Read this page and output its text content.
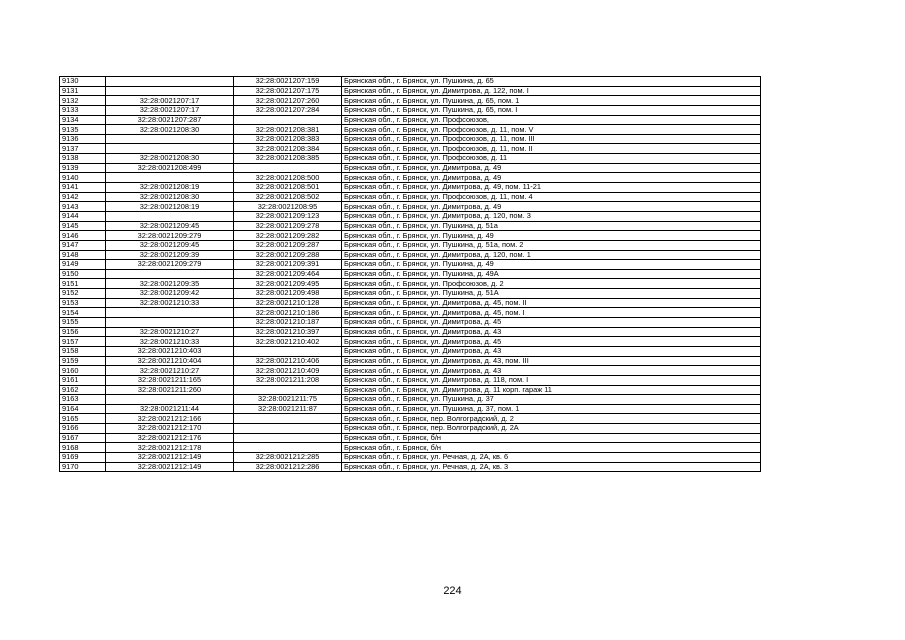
9130		32:28:0021207:159	Брянская обл., г. Брянск, ул. Пушкина, д. 65
9131		32:28:0021207:175	Брянская обл., г. Брянск, ул. Димитрова, д. 122, пом. I
9132	32:28:0021207:17	32:28:0021207:260	Брянская обл., г. Брянск, ул. Пушкина, д. 65, пом. 1
9133	32:28:0021207:17	32:28:0021207:284	Брянская обл., г. Брянск, ул. Пушкина, д. 65, пом. I
9134	32:28:0021207:287		Брянская обл., г. Брянск, ул. Профсоюзов,
9135	32:28:0021208:30	32:28:0021208:381	Брянская обл., г. Брянск, ул. Профсоюзов, д. 11, пом. V
9136		32:28:0021208:383	Брянская обл., г. Брянск, ул. Профсоюзов, д. 11, пом. III
9137		32:28:0021208:384	Брянская обл., г. Брянск, ул. Профсоюзов, д. 11, пом. II
9138	32:28:0021208:30	32:28:0021208:385	Брянская обл., г. Брянск, ул. Профсоюзов, д. 11
9139	32:28:0021208:499		Брянская обл., г. Брянск, ул. Димитрова, д. 49
9140		32:28:0021208:500	Брянская обл., г. Брянск, ул. Димитрова, д. 49
9141	32:28:0021208:19	32:28:0021208:501	Брянская обл., г. Брянск, ул. Димитрова, д. 49, пом. 11-21
9142	32:28:0021208:30	32:28:0021208:502	Брянская обл., г. Брянск, ул. Профсоюзов, д. 11, пом. 4
9143	32:28:0021208:19	32:28:0021208:95	Брянская обл., г. Брянск, ул. Димитрова, д. 49
9144		32:28:0021209:123	Брянская обл., г. Брянск, ул. Димитрова, д. 120, пом. 3
9145	32:28:0021209:45	32:28:0021209:278	Брянская обл., г. Брянск, ул. Пушкина, д. 51а
9146	32:28:0021209:279	32:28:0021209:282	Брянская обл., г. Брянск, ул. Пушкина, д. 49
9147	32:28:0021209:45	32:28:0021209:287	Брянская обл., г. Брянск, ул. Пушкина, д. 51а, пом. 2
9148	32:28:0021209:39	32:28:0021209:288	Брянская обл., г. Брянск, ул. Димитрова, д. 120, пом. 1
9149	32:28:0021209:279	32:28:0021209:391	Брянская обл., г. Брянск, ул. Пушкина, д. 49
9150		32:28:0021209:464	Брянская обл., г. Брянск, ул. Пушкина, д. 49А
9151	32:28:0021209:35	32:28:0021209:495	Брянская обл., г. Брянск, ул. Профсоюзов, д. 2
9152	32:28:0021209:42	32:28:0021209:498	Брянская обл., г. Брянск, ул. Пушкина, д. 51А
9153	32:28:0021210:33	32:28:0021210:128	Брянская обл., г. Брянск, ул. Димитрова, д. 45, пом. II
9154		32:28:0021210:186	Брянская обл., г. Брянск, ул. Димитрова, д. 45, пом. I
9155		32:28:0021210:187	Брянская обл., г. Брянск, ул. Димитрова, д. 45
9156	32:28:0021210:27	32:28:0021210:397	Брянская обл., г. Брянск, ул. Димитрова, д. 43
9157	32:28:0021210:33	32:28:0021210:402	Брянская обл., г. Брянск, ул. Димитрова, д. 45
9158	32:28:0021210:403		Брянская обл., г. Брянск, ул. Димитрова, д. 43
9159	32:28:0021210:404	32:28:0021210:406	Брянская обл., г. Брянск, ул. Димитрова, д. 43, пом. III
9160	32:28:0021210:27	32:28:0021210:409	Брянская обл., г. Брянск, ул. Димитрова, д. 43
9161	32:28:0021211:165	32:28:0021211:208	Брянская обл., г. Брянск, ул. Димитрова, д. 118, пом. I
9162	32:28:0021211:260		Брянская обл., г. Брянск, ул. Димитрова, д. 11 корп. гараж 11
9163		32:28:0021211:75	Брянская обл., г. Брянск, ул. Пушкина, д. 37
9164	32:28:0021211:44	32:28:0021211:87	Брянская обл., г. Брянск, ул. Пушкина, д. 37, пом. 1
9165	32:28:0021212:166		Брянская обл., г. Брянск, пер. Волгоградский, д. 2
9166	32:28:0021212:170		Брянская обл., г. Брянск, пер. Волгоградский, д. 2А
9167	32:28:0021212:176		Брянская обл., г. Брянск, б/н
9168	32:28:0021212:178		Брянская обл., г. Брянск, б/н
9169	32:28:0021212:149	32:28:0021212:285	Брянская обл., г. Брянск, ул. Речная, д. 2А, кв. 6
9170	32:28:0021212:149	32:28:0021212:286	Брянская обл., г. Брянск, ул. Речная, д. 2А, кв. 3
224
